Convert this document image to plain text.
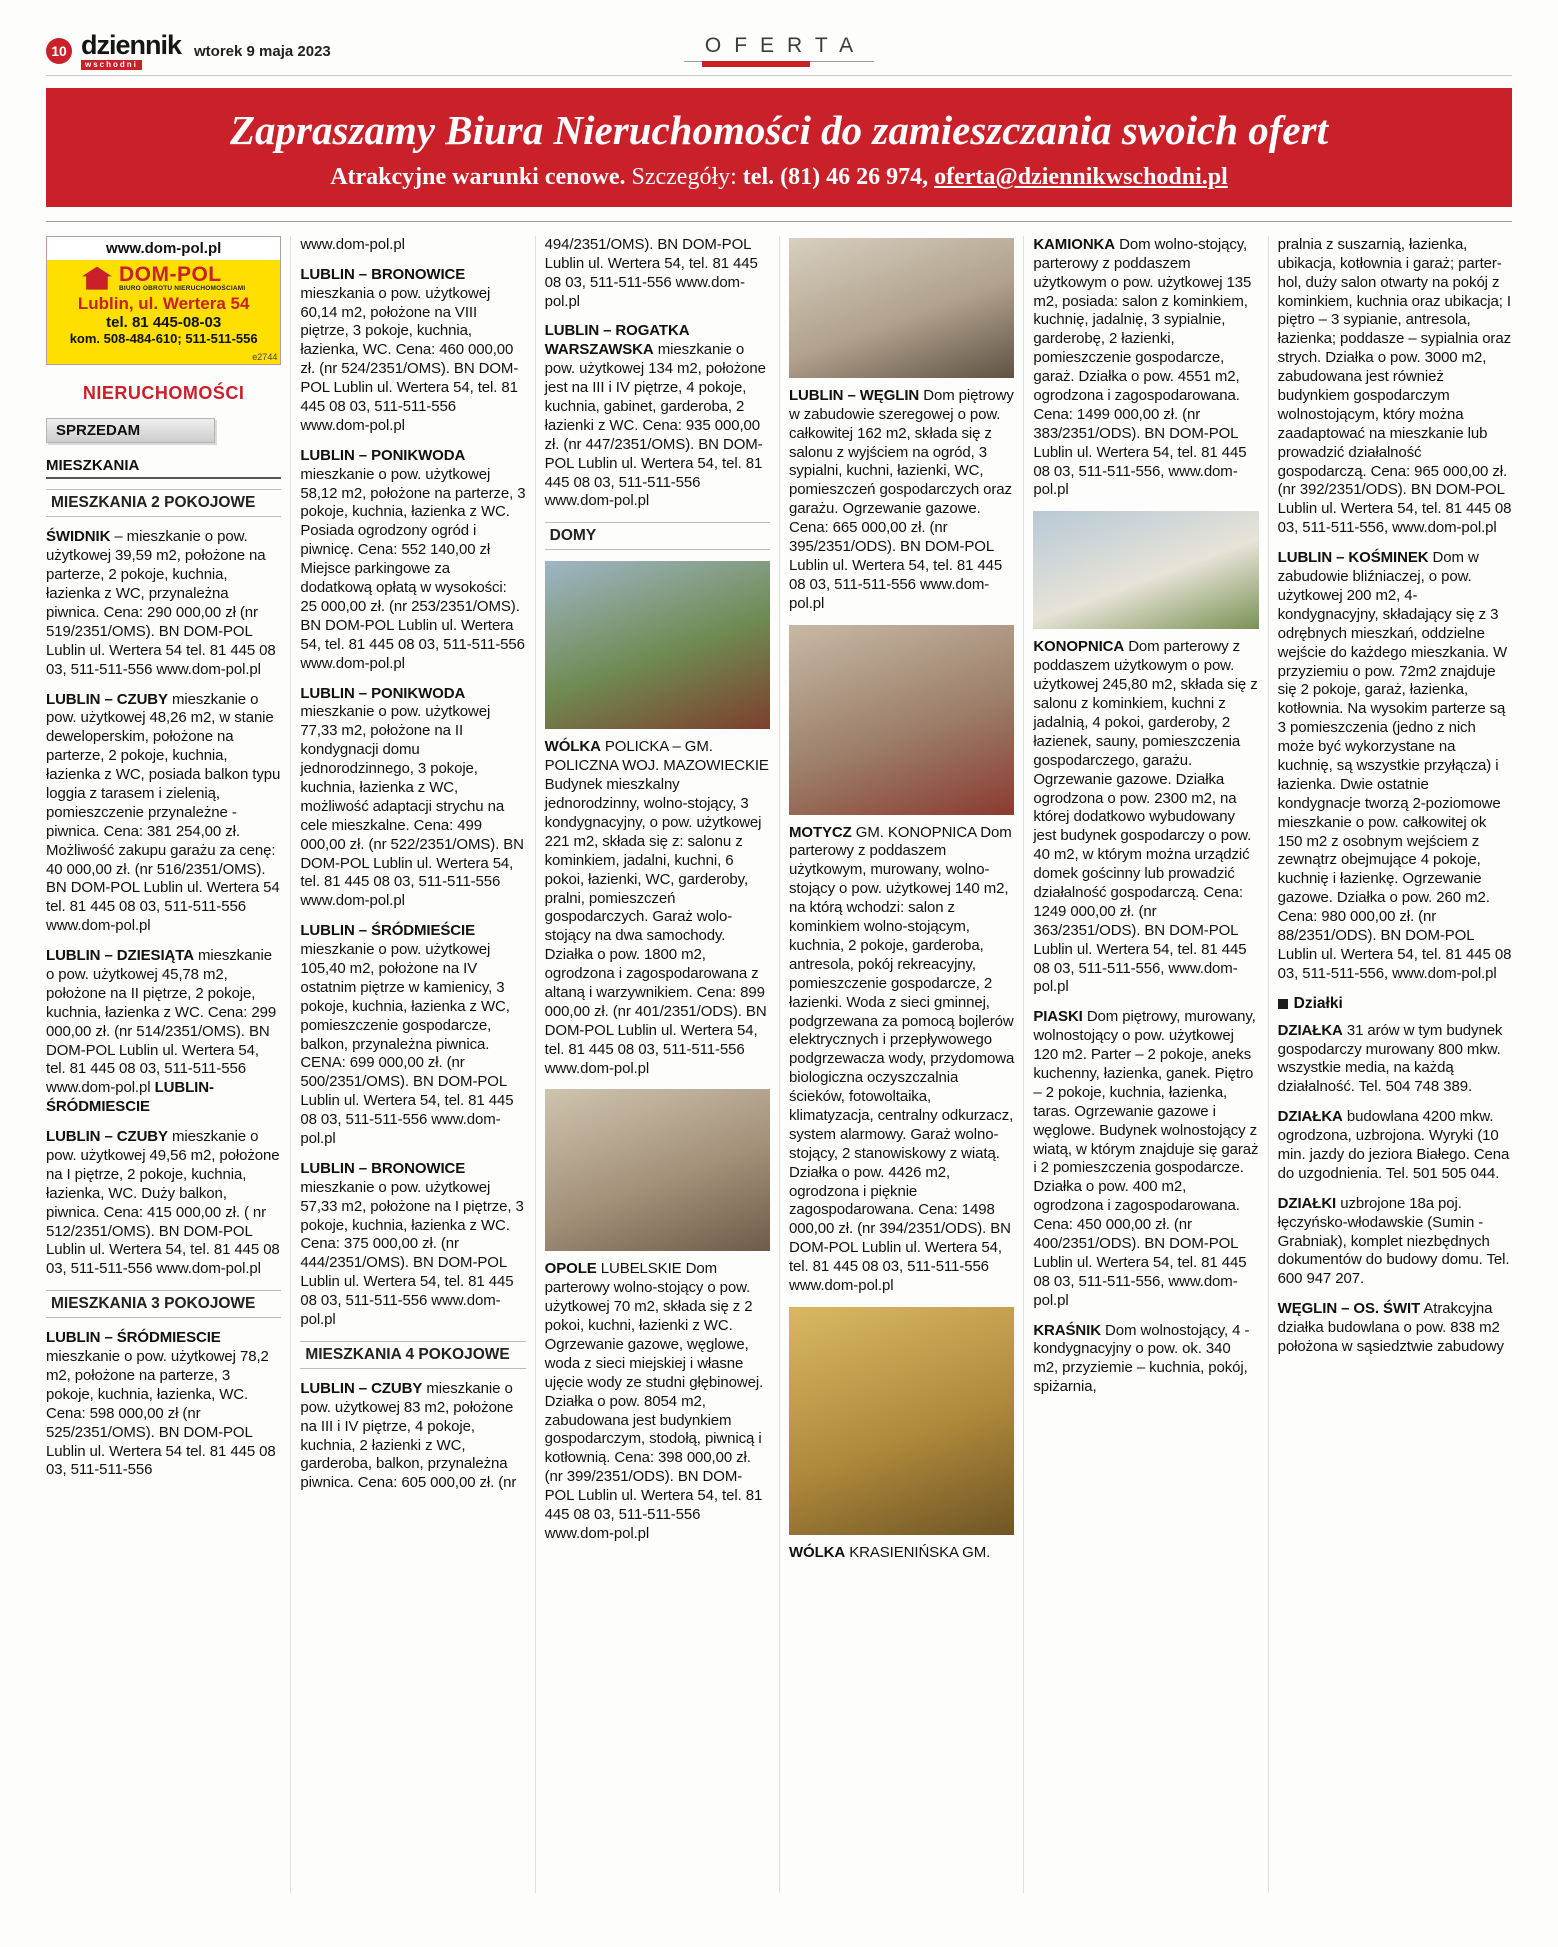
10 dziennik
wschodni
wtorek 9 maja 2023	OFERTA
Zapraszamy Biura Nieruchomości do zamieszczania swoich ofert
Atrakcyjne warunki cenowe. Szczegóły: tel. (81) 46 26 974, oferta@dziennikwschodni.pl
www.dom-pol.pl
DOM-POL
BIURO OBROTU NIERUCHOMOŚCIAMI
Lublin, ul. Wertera 54
tel. 81 445-08-03
kom. 508-484-610; 511-511-556
e2744
NIERUCHOMOŚCI
SPRZEDAM
MIESZKANIA
MIESZKANIA 2 POKOJOWE

ŚWIDNIK – mieszkanie o pow. użytkowej 39,59 m2, położone na parterze, 2 pokoje, kuchnia, łazienka z WC, przynależna piwnica. Cena: 290 000,00 zł (nr 519/2351/OMS). BN DOM-POL Lublin ul. Wertera 54 tel. 81 445 08 03, 511-511-556 www.dom-pol.pl

LUBLIN – CZUBY mieszkanie o pow. użytkowej 48,26 m2, w stanie deweloperskim, położone na parterze, 2 pokoje, kuchnia, łazienka z WC, posiada balkon typu loggia z tarasem i zielenią, pomieszczenie przynależne - piwnica. Cena: 381 254,00 zł. Możliwość zakupu garażu za cenę: 40 000,00 zł. (nr 516/2351/OMS). BN DOM-POL Lublin ul. Wertera 54 tel. 81 445 08 03, 511-511-556 www.dom-pol.pl

LUBLIN – DZIESIĄTA mieszkanie o pow. użytkowej 45,78 m2, położone na II piętrze, 2 pokoje, kuchnia, łazienka z WC. Cena: 299 000,00 zł. (nr 514/2351/OMS). BN DOM-POL Lublin ul. Wertera 54, tel. 81 445 08 03, 511-511-556 www.dom-pol.pl LUBLIN-ŚRÓDMIESCIE

LUBLIN – CZUBY mieszkanie o pow. użytkowej 49,56 m2, położone na I piętrze, 2 pokoje, kuchnia, łazienka, WC. Duży balkon, piwnica. Cena: 415 000,00 zł. ( nr 512/2351/OMS). BN DOM-POL Lublin ul. Wertera 54, tel. 81 445 08 03, 511-511-556 www.dom-pol.pl

MIESZKANIA 3 POKOJOWE

LUBLIN – ŚRÓDMIESCIE mieszkanie o pow. użytkowej 78,2 m2, położone na parterze, 3 pokoje, kuchnia, łazienka, WC. Cena: 598 000,00 zł (nr 525/2351/OMS). BN DOM-POL Lublin ul. Wertera 54 tel. 81 445 08 03, 511-511-556

www.dom-pol.pl

LUBLIN – BRONOWICE mieszkania o pow. użytkowej 60,14 m2, położone na VIII piętrze, 3 pokoje, kuchnia, łazienka, WC. Cena: 460 000,00 zł. (nr 524/2351/OMS). BN DOM-POL Lublin ul. Wertera 54, tel. 81 445 08 03, 511-511-556 www.dom-pol.pl

LUBLIN – PONIKWODA mieszkanie o pow. użytkowej 58,12 m2, położone na parterze, 3 pokoje, kuchnia, łazienka z WC. Posiada ogrodzony ogród i piwnicę. Cena: 552 140,00 zł Miejsce parkingowe za dodatkową opłatą w wysokości: 25 000,00 zł. (nr 253/2351/OMS). BN DOM-POL Lublin ul. Wertera 54, tel. 81 445 08 03, 511-511-556 www.dom-pol.pl

LUBLIN – PONIKWODA mieszkanie o pow. użytkowej 77,33 m2, położone na II kondygnacji domu jednorodzinnego, 3 pokoje, kuchnia, łazienka z WC, możliwość adaptacji strychu na cele mieszkalne. Cena: 499 000,00 zł. (nr 522/2351/OMS). BN DOM-POL Lublin ul. Wertera 54, tel. 81 445 08 03, 511-511-556 www.dom-pol.pl

LUBLIN – ŚRÓDMIEŚCIE mieszkanie o pow. użytkowej 105,40 m2, położone na IV ostatnim piętrze w kamienicy, 3 pokoje, kuchnia, łazienka z WC, pomieszczenie gospodarcze, balkon, przynależna piwnica. CENA: 699 000,00 zł. (nr 500/2351/OMS). BN DOM-POL Lublin ul. Wertera 54, tel. 81 445 08 03, 511-511-556 www.dom-pol.pl

LUBLIN – BRONOWICE mieszkanie o pow. użytkowej 57,33 m2, położone na I piętrze, 3 pokoje, kuchnia, łazienka z WC. Cena: 375 000,00 zł. (nr 444/2351/OMS). BN DOM-POL Lublin ul. Wertera 54, tel. 81 445 08 03, 511-511-556 www.dom-pol.pl

MIESZKANIA 4 POKOJOWE

LUBLIN – CZUBY mieszkanie o pow. użytkowej 83 m2, położone na III i IV piętrze, 4 pokoje, kuchnia, 2 łazienki z WC, garderoba, balkon, przynależna piwnica. Cena: 605 000,00 zł. (nr

494/2351/OMS). BN DOM-POL Lublin ul. Wertera 54, tel. 81 445 08 03, 511-511-556 www.dom-pol.pl

LUBLIN – ROGATKA WARSZAWSKA mieszkanie o pow. użytkowej 134 m2, położone jest na III i IV piętrze, 4 pokoje, kuchnia, gabinet, garderoba, 2 łazienki z WC. Cena: 935 000,00 zł. (nr 447/2351/OMS). BN DOM-POL Lublin ul. Wertera 54, tel. 81 445 08 03, 511-511-556 www.dom-pol.pl

DOMY

WÓLKA POLICKA – GM. POLICZNA WOJ. MAZOWIECKIE Budynek mieszkalny jednorodzinny, wolno-stojący, 3 kondygnacyjny, o pow. użytkowej 221 m2, składa się z: salonu z kominkiem, jadalni, kuchni, 6 pokoi, łazienki, WC, garderoby, pralni, pomieszczeń gospodarczych. Garaż wolo-stojący na dwa samochody. Działka o pow. 1800 m2, ogrodzona i zagospodarowana z altaną i warzywnikiem. Cena: 899 000,00 zł. (nr 401/2351/ODS). BN DOM-POL Lublin ul. Wertera 54, tel. 81 445 08 03, 511-511-556 www.dom-pol.pl

OPOLE LUBELSKIE Dom parterowy wolno-stojący o pow. użytkowej 70 m2, składa się z 2 pokoi, kuchni, łazienki z WC. Ogrzewanie gazowe, węglowe, woda z sieci miejskiej i własne ujęcie wody ze studni głębinowej. Działka o pow. 8054 m2, zabudowana jest budynkiem gospodarczym, stodołą, piwnicą i kotłownią. Cena: 398 000,00 zł. (nr 399/2351/ODS). BN DOM-POL Lublin ul. Wertera 54, tel. 81 445 08 03, 511-511-556 www.dom-pol.pl

LUBLIN – WĘGLIN Dom piętrowy w zabudowie szeregowej o pow. całkowitej 162 m2, składa się z salonu z wyjściem na ogród, 3 sypialni, kuchni, łazienki, WC, pomieszczeń gospodarczych oraz garażu. Ogrzewanie gazowe. Cena: 665 000,00 zł. (nr 395/2351/ODS). BN DOM-POL Lublin ul. Wertera 54, tel. 81 445 08 03, 511-511-556 www.dom-pol.pl

MOTYCZ GM. KONOPNICA Dom parterowy z poddaszem użytkowym, murowany, wolno-stojący o pow. użytkowej 140 m2, na którą wchodzi: salon z kominkiem wolno-stojącym, kuchnia, 2 pokoje, garderoba, antresola, pokój rekreacyjny, pomieszczenie gospodarcze, 2 łazienki. Woda z sieci gminnej, podgrzewana za pomocą bojlerów elektrycznych i przepływowego podgrzewacza wody, przydomowa biologiczna oczyszczalnia ścieków, fotowoltaika, klimatyzacja, centralny odkurzacz, system alarmowy. Garaż wolno-stojący, 2 stanowiskowy z wiatą. Działka o pow. 4426 m2, ogrodzona i pięknie zagospodarowana. Cena: 1498 000,00 zł. (nr 394/2351/ODS). BN DOM-POL Lublin ul. Wertera 54, tel. 81 445 08 03, 511-511-556 www.dom-pol.pl

WÓLKA KRASIENIŃSKA GM.

KAMIONKA Dom wolno-stojący, parterowy z poddaszem użytkowym o pow. użytkowej 135 m2, posiada: salon z kominkiem, kuchnię, jadalnię, 3 sypialnie, garderobę, 2 łazienki, pomieszczenie gospodarcze, garaż. Działka o pow. 4551 m2, ogrodzona i zagospodarowana. Cena: 1499 000,00 zł. (nr 383/2351/ODS). BN DOM-POL Lublin ul. Wertera 54, tel. 81 445 08 03, 511-511-556, www.dom-pol.pl

KONOPNICA Dom parterowy z poddaszem użytkowym o pow. użytkowej 245,80 m2, składa się z salonu z kominkiem, kuchni z jadalnią, 4 pokoi, garderoby, 2 łazienek, sauny, pomieszczenia gospodarczego, garażu. Ogrzewanie gazowe. Działka ogrodzona o pow. 2300 m2, na której dodatkowo wybudowany jest budynek gospodarczy o pow. 40 m2, w którym można urządzić domek gościnny lub prowadzić działalność gospodarczą. Cena: 1249 000,00 zł. (nr 363/2351/ODS). BN DOM-POL Lublin ul. Wertera 54, tel. 81 445 08 03, 511-511-556, www.dom-pol.pl

PIASKI Dom piętrowy, murowany, wolnostojący o pow. użytkowej 120 m2. Parter – 2 pokoje, aneks kuchenny, łazienka, ganek. Piętro – 2 pokoje, kuchnia, łazienka, taras. Ogrzewanie gazowe i węglowe. Budynek wolnostojący z wiatą, w którym znajduje się garaż i 2 pomieszczenia gospodarcze. Działka o pow. 400 m2, ogrodzona i zagospodarowana. Cena: 450 000,00 zł. (nr 400/2351/ODS). BN DOM-POL Lublin ul. Wertera 54, tel. 81 445 08 03, 511-511-556, www.dom-pol.pl

KRAŚNIK Dom wolnostojący, 4 - kondygnacyjny o pow. ok. 340 m2, przyziemie – kuchnia, pokój, spiżarnia,

pralnia z suszarnią, łazienka, ubikacja, kotłownia i garaż; parter-hol, duży salon otwarty na pokój z kominkiem, kuchnia oraz ubikacja; I piętro – 3 sypianie, antresola, łazienka; poddasze – sypialnia oraz strych. Działka o pow. 3000 m2, zabudowana jest również budynkiem gospodarczym wolnostojącym, który można zaadaptować na mieszkanie lub prowadzić działalność gospodarczą. Cena: 965 000,00 zł. (nr 392/2351/ODS). BN DOM-POL Lublin ul. Wertera 54, tel. 81 445 08 03, 511-511-556, www.dom-pol.pl

LUBLIN – KOŚMINEK Dom w zabudowie bliźniaczej, o pow. użytkowej 200 m2, 4-kondygnacyjny, składający się z 3 odrębnych mieszkań, oddzielne wejście do każdego mieszkania. W przyziemiu o pow. 72m2 znajduje się 2 pokoje, garaż, łazienka, kotłownia. Na wysokim parterze są 3 pomieszczenia (jedno z nich może być wykorzystane na kuchnię, są wszystkie przyłącza) i łazienka. Dwie ostatnie kondygnacje tworzą 2-poziomowe mieszkanie o pow. całkowitej ok 150 m2 z osobnym wejściem z zewnątrz obejmujące 4 pokoje, kuchnię i łazienkę. Ogrzewanie gazowe. Działka o pow. 260 m2. Cena: 980 000,00 zł. (nr 88/2351/ODS). BN DOM-POL Lublin ul. Wertera 54, tel. 81 445 08 03, 511-511-556, www.dom-pol.pl

Działki

DZIAŁKA 31 arów w tym budynek gospodarczy murowany 800 mkw. wszystkie media, na każdą działalność. Tel. 504 748 389.

DZIAŁKA budowlana 4200 mkw. ogrodzona, uzbrojona. Wyryki (10 min. jazdy do jeziora Białego. Cena do uzgodnienia. Tel. 501 505 044.

DZIAŁKI uzbrojone 18a poj. łęczyńsko-włodawskie (Sumin - Grabniak), komplet niezbędnych dokumentów do budowy domu. Tel. 600 947 207.

WĘGLIN – OS. ŚWIT Atrakcyjna działka budowlana o pow. 838 m2 położona w sąsiedztwie zabudowy
